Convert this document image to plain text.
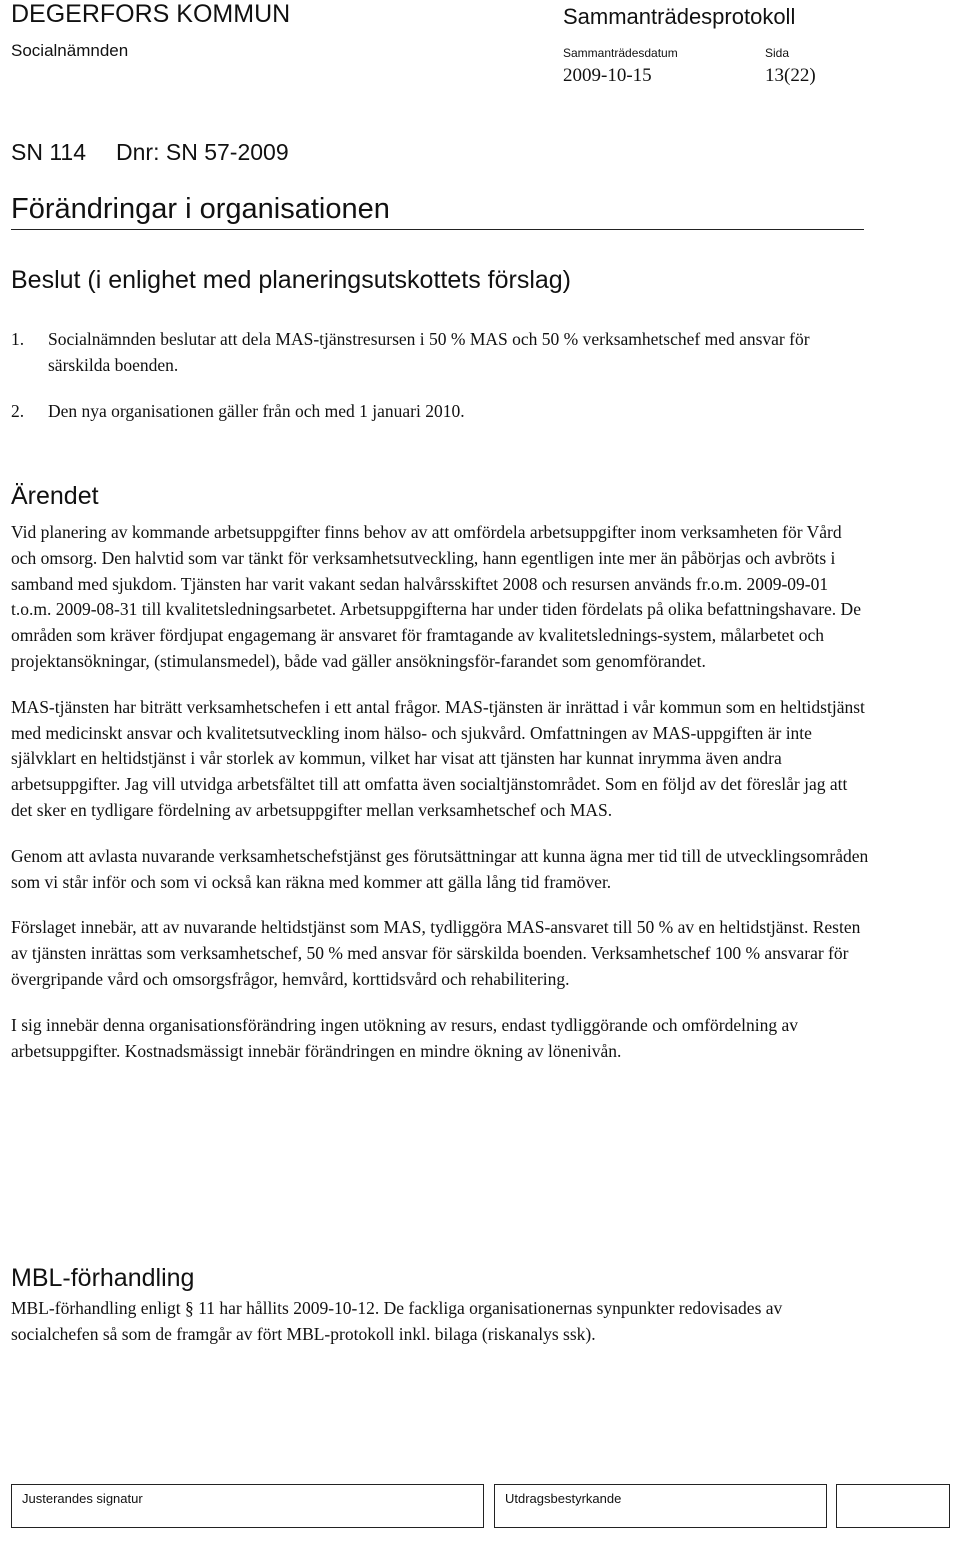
DEGERFORS KOMMUN
Socialnämnden
Sammanträdesprotokoll
Sammanträdesdatum
2009-10-15
Sida
13(22)
SN 114 Dnr: SN 57-2009
Förändringar i organisationen
Beslut (i enlighet med planeringsutskottets förslag)

1. Socialnämnden beslutar att dela MAS-tjänstresursen i 50 % MAS och 50 % verksamhetschef med ansvar för särskilda boenden.

2. Den nya organisationen gäller från och med 1 januari 2010.

Ärendet

Vid planering av kommande arbetsuppgifter finns behov av att omfördela arbetsuppgifter inom verksamheten för Vård och omsorg. Den halvtid som var tänkt för verksamhetsutveckling, hann egentligen inte mer än påbörjas och avbröts i samband med sjukdom. Tjänsten har varit vakant sedan halvårsskiftet 2008 och resursen används fr.o.m. 2009-09-01 t.o.m. 2009-08-31 till kvalitetsledningsarbetet. Arbetsuppgifterna har under tiden fördelats på olika befattningshavare. De områden som kräver fördjupat engagemang är ansvaret för framtagande av kvalitetslednings-system, målarbetet och projektansökningar, (stimulansmedel), både vad gäller ansökningsför-farandet som genomförandet.

MAS-tjänsten har biträtt verksamhetschefen i ett antal frågor. MAS-tjänsten är inrättad i vår kommun som en heltidstjänst med medicinskt ansvar och kvalitetsutveckling inom hälso- och sjukvård. Omfattningen av MAS-uppgiften är inte självklart en heltidstjänst i vår storlek av kommun, vilket har visat att tjänsten har kunnat inrymma även andra arbetsuppgifter. Jag vill utvidga arbetsfältet till att omfatta även socialtjänstområdet. Som en följd av det föreslår jag att det sker en tydligare fördelning av arbetsuppgifter mellan verksamhetschef och MAS.

Genom att avlasta nuvarande verksamhetschefstjänst ges förutsättningar att kunna ägna mer tid till de utvecklingsområden som vi står inför och som vi också kan räkna med kommer att gälla lång tid framöver.

Förslaget innebär, att av nuvarande heltidstjänst som MAS, tydliggöra MAS-ansvaret till 50 % av en heltidstjänst. Resten av tjänsten inrättas som verksamhetschef, 50 % med ansvar för särskilda boenden. Verksamhetschef 100 % ansvarar för övergripande vård och omsorgsfrågor, hemvård, korttidsvård och rehabilitering.

I sig innebär denna organisationsförändring ingen utökning av resurs, endast tydliggörande och omfördelning av arbetsuppgifter. Kostnadsmässigt innebär förändringen en mindre ökning av lönenivån.

MBL-förhandling

MBL-förhandling enligt § 11 har hållits 2009-10-12. De fackliga organisationernas synpunkter redovisades av socialchefen så som de framgår av fört MBL-protokoll inkl. bilaga (riskanalys ssk).

Justerandes signatur	Utdragsbestyrkande
